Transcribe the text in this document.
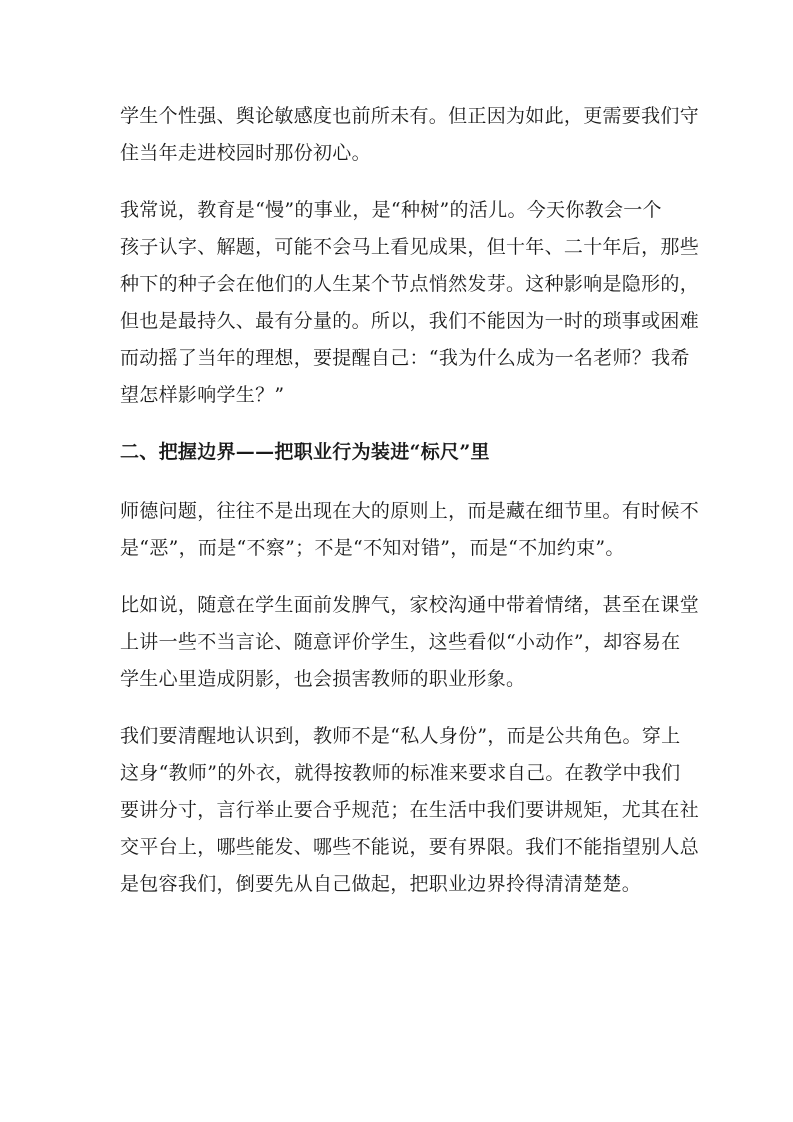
学生个性强、舆论敏感度也前所未有。但正因为如此，更需要我们守
住当年走进校园时那份初心。

我常说，教育是“慢”的事业，是“种树”的活儿。今天你教会一个
孩子认字、解题，可能不会马上看见成果，但十年、二十年后，那些
种下的种子会在他们的人生某个节点悄然发芽。这种影响是隐形的，
但也是最持久、最有分量的。所以，我们不能因为一时的琐事或困难
而动摇了当年的理想，要提醒自己：“我为什么成为一名老师？我希
望怎样影响学生？”

二、把握边界——把职业行为装进“标尺”里

师德问题，往往不是出现在大的原则上，而是藏在细节里。有时候不
是“恶”，而是“不察”；不是“不知对错”，而是“不加约束”。

比如说，随意在学生面前发脾气，家校沟通中带着情绪，甚至在课堂
上讲一些不当言论、随意评价学生，这些看似“小动作”，却容易在
学生心里造成阴影，也会损害教师的职业形象。

我们要清醒地认识到，教师不是“私人身份”，而是公共角色。穿上
这身“教师”的外衣，就得按教师的标准来要求自己。在教学中我们
要讲分寸，言行举止要合乎规范；在生活中我们要讲规矩，尤其在社
交平台上，哪些能发、哪些不能说，要有界限。我们不能指望别人总
是包容我们，倒要先从自己做起，把职业边界拎得清清楚楚。
